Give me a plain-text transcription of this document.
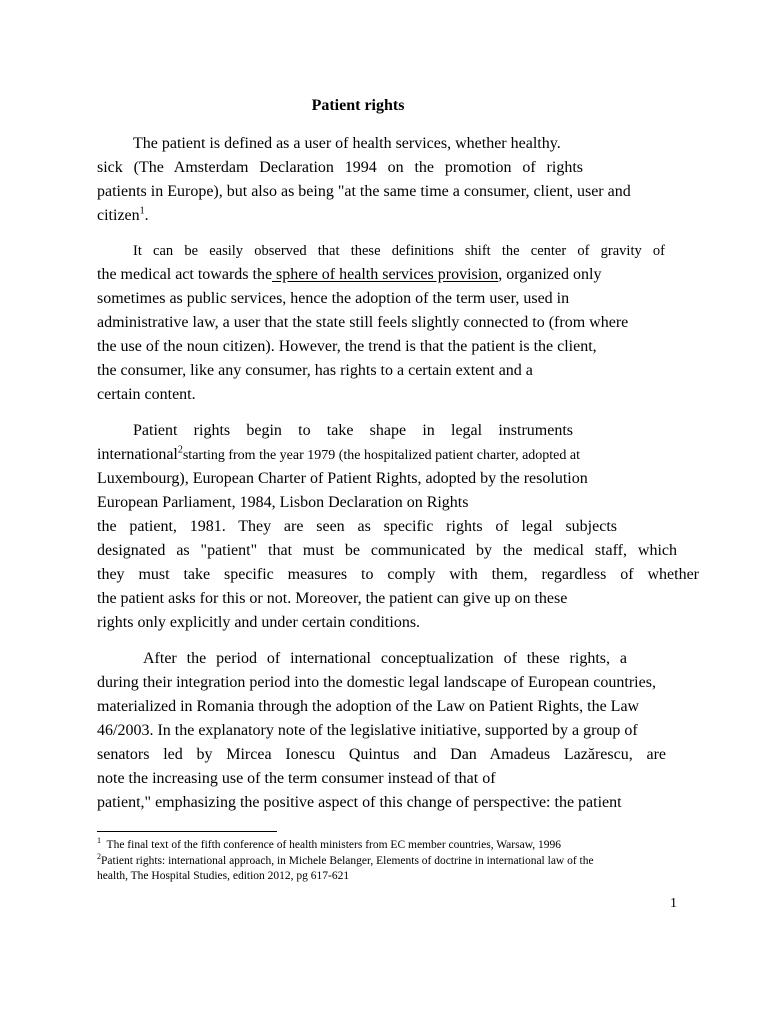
Patient rights
The patient is defined as a user of health services, whether healthy.
sick (The Amsterdam Declaration 1994 on the promotion of rights
patients in Europe), but also as being "at the same time a consumer, client, user and
citizen$^1$.
It can be easily observed that these definitions shift the center of gravity of
the medical act towards the sphere of health services provision, organized only
sometimes as public services, hence the adoption of the term user, used in
administrative law, a user that the state still feels slightly connected to (from where
the use of the noun citizen). However, the trend is that the patient is the client,
the consumer, like any consumer, has rights to a certain extent and a
certain content.
Patient rights begin to take shape in legal instruments
international$^2$starting from the year 1979 (the hospitalized patient charter, adopted at
Luxembourg), European Charter of Patient Rights, adopted by the resolution
European Parliament, 1984, Lisbon Declaration on Rights
the patient, 1981. They are seen as specific rights of legal subjects
designated as "patient" that must be communicated by the medical staff, which
they must take specific measures to comply with them, regardless of whether
the patient asks for this or not. Moreover, the patient can give up on these
rights only explicitly and under certain conditions.
After the period of international conceptualization of these rights, a
during their integration period into the domestic legal landscape of European countries,
materialized in Romania through the adoption of the Law on Patient Rights, the Law
46/2003. In the explanatory note of the legislative initiative, supported by a group of
senators led by Mircea Ionescu Quintus and Dan Amadeus Lazărescu, are
note the increasing use of the term consumer instead of that of
patient," emphasizing the positive aspect of this change of perspective: the patient
$^1$ The final text of the fifth conference of health ministers from EC member countries, Warsaw, 1996
$^2$Patient rights: international approach, in Michele Belanger, Elements of doctrine in international law of the
health, The Hospital Studies, edition 2012, pg 617-621
1
